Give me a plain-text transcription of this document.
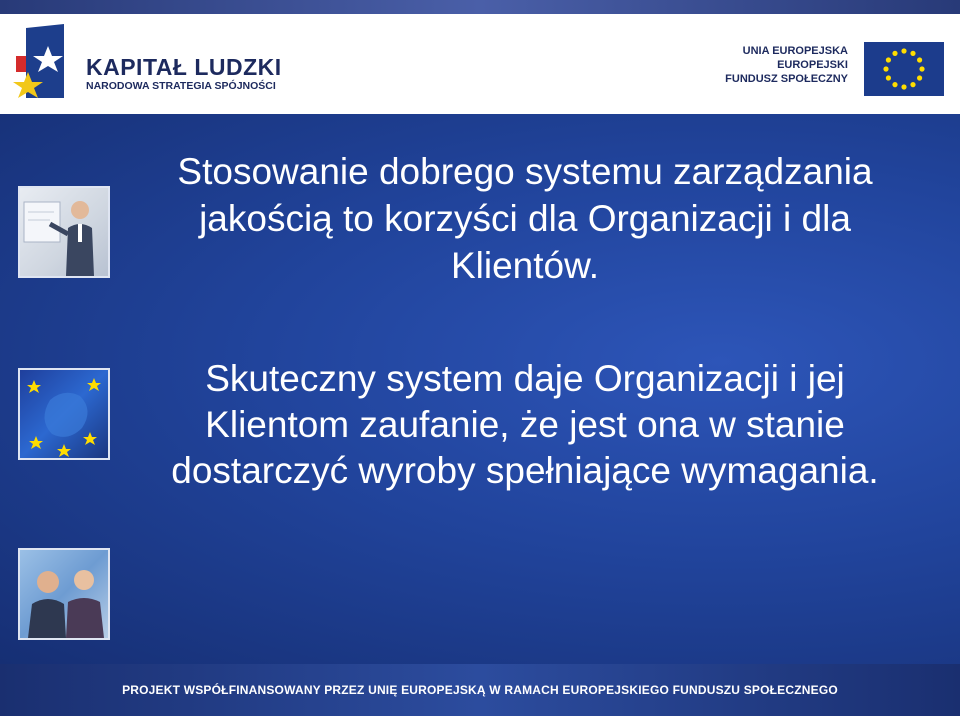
KAPITAŁ LUDZKI
NARODOWA STRATEGIA SPÓJNOŚCI
UNIA EUROPEJSKA
EUROPEJSKI
FUNDUSZ SPOŁECZNY
Stosowanie dobrego systemu zarządzania jakością to korzyści dla Organizacji i dla Klientów.
Skuteczny system daje Organizacji i jej Klientom zaufanie, że jest ona w stanie dostarczyć wyroby spełniające wymagania.
PROJEKT WSPÓŁFINANSOWANY PRZEZ UNIĘ EUROPEJSKĄ W RAMACH EUROPEJSKIEGO FUNDUSZU SPOŁECZNEGO
